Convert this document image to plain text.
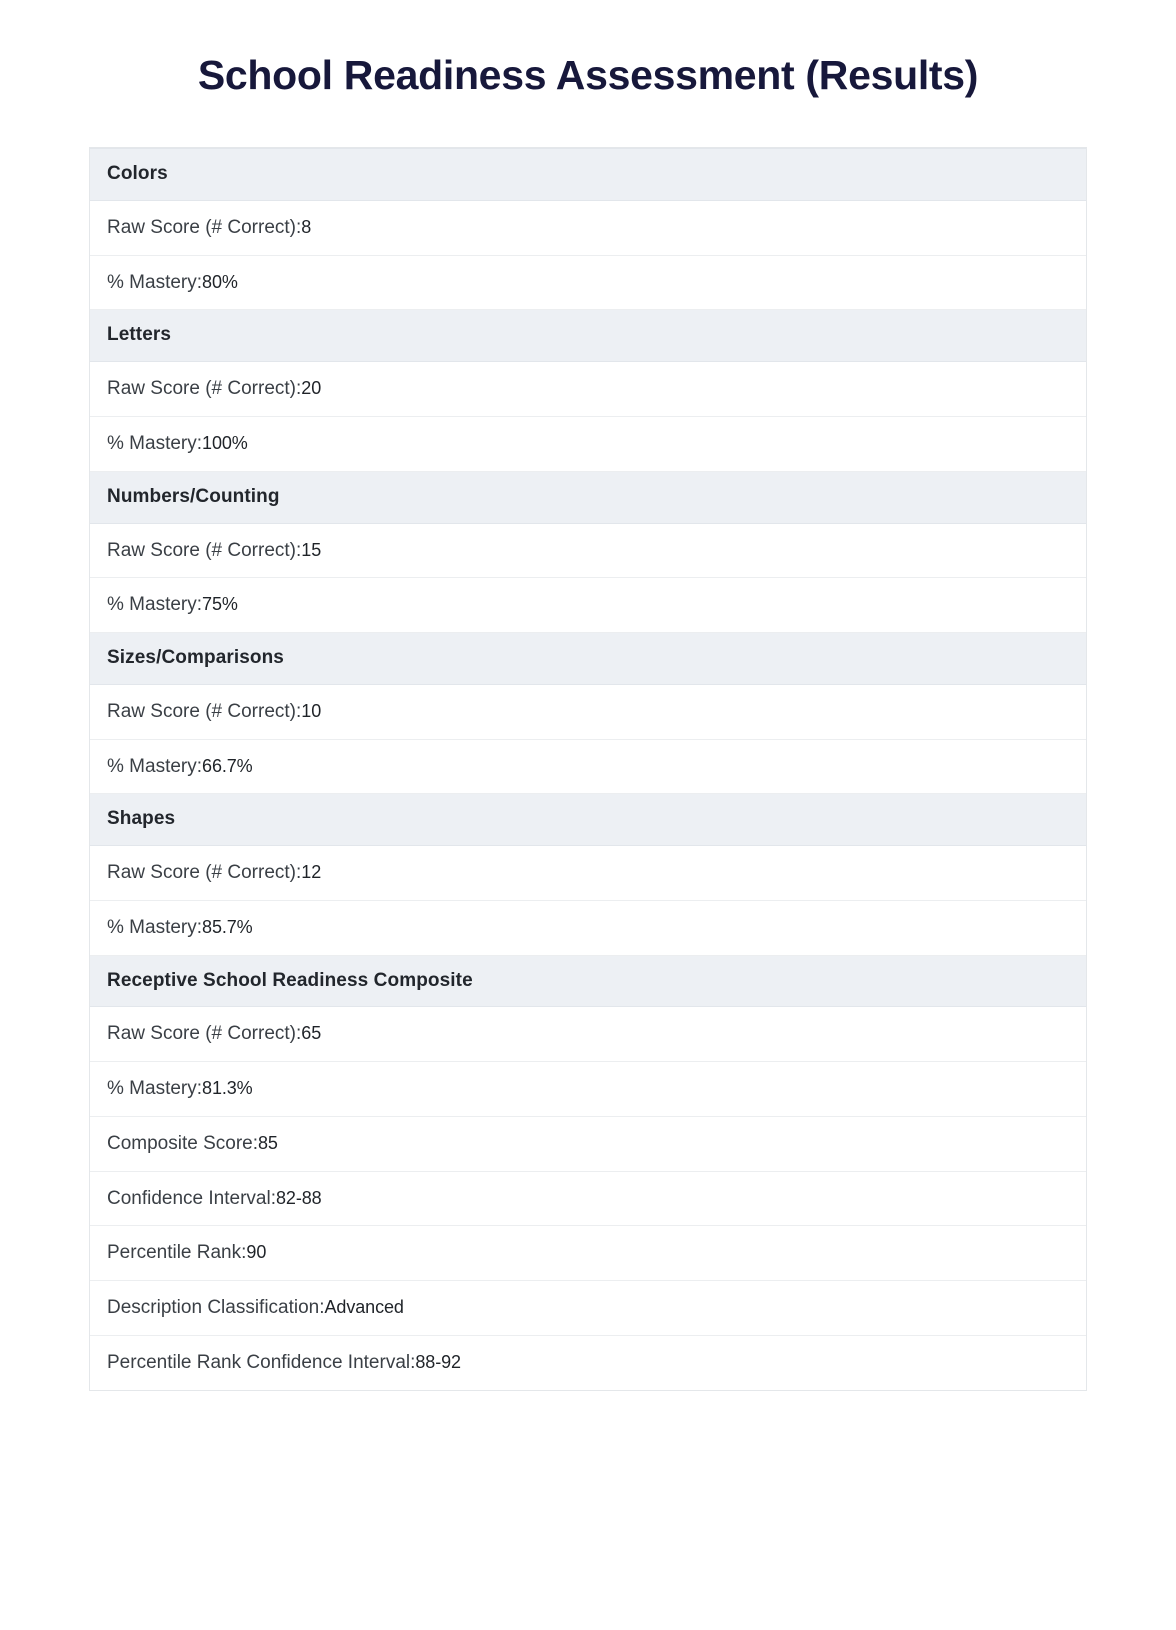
School Readiness Assessment (Results)
Colors
Raw Score (# Correct):8
% Mastery:80%
Letters
Raw Score (# Correct):20
% Mastery:100%
Numbers/Counting
Raw Score (# Correct):15
% Mastery:75%
Sizes/Comparisons
Raw Score (# Correct):10
% Mastery:66.7%
Shapes
Raw Score (# Correct):12
% Mastery:85.7%
Receptive School Readiness Composite
Raw Score (# Correct):65
% Mastery:81.3%
Composite Score:85
Confidence Interval:82-88
Percentile Rank:90
Description Classification:Advanced
Percentile Rank Confidence Interval:88-92
